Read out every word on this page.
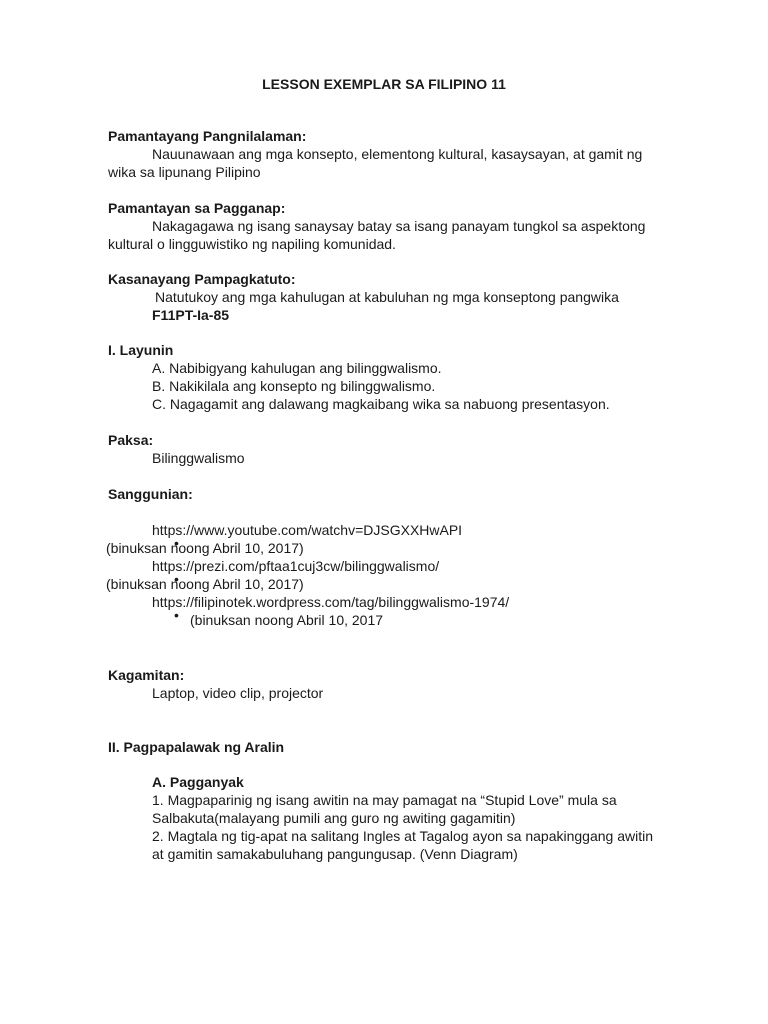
LESSON EXEMPLAR SA FILIPINO 11
Pamantayang Pangnilalaman:
Nauunawaan ang mga konsepto, elementong kultural, kasaysayan, at gamit ng
wika sa lipunang Pilipino
Pamantayan sa Pagganap:
Nakagagawa ng isang sanaysay batay sa isang panayam tungkol sa aspektong
kultural o lingguwistiko ng napiling komunidad.
Kasanayang Pampagkatuto:
Natutukoy ang mga kahulugan at kabuluhan ng mga konseptong pangwika
F11PT-Ia-85
I. Layunin
A. Nabibigyang kahulugan ang bilinggwalismo.
B. Nakikilala ang konsepto ng bilinggwalismo.
C. Nagagamit ang dalawang magkaibang wika sa nabuong presentasyon.
Paksa:
Bilinggwalismo
Sanggunian:
https://www.youtube.com/watchv=DJSGXXHwAPI
(binuksan noong Abril 10, 2017)
https://prezi.com/pftaa1cuj3cw/bilinggwalismo/
(binuksan noong Abril 10, 2017)
https://filipinotek.wordpress.com/tag/bilinggwalismo-1974/
(binuksan noong Abril 10, 2017
Kagamitan:
Laptop, video clip, projector
II. Pagpapalawak ng Aralin
A. Pagganyak
1. Magpaparinig ng isang awitin na may pamagat na “Stupid Love” mula sa
Salbakuta(malayang pumili ang guro ng awiting gagamitin)
2. Magtala ng tig-apat na salitang Ingles at Tagalog ayon sa napakinggang awitin
at gamitin samakabuluhang pangungusap. (Venn Diagram)
